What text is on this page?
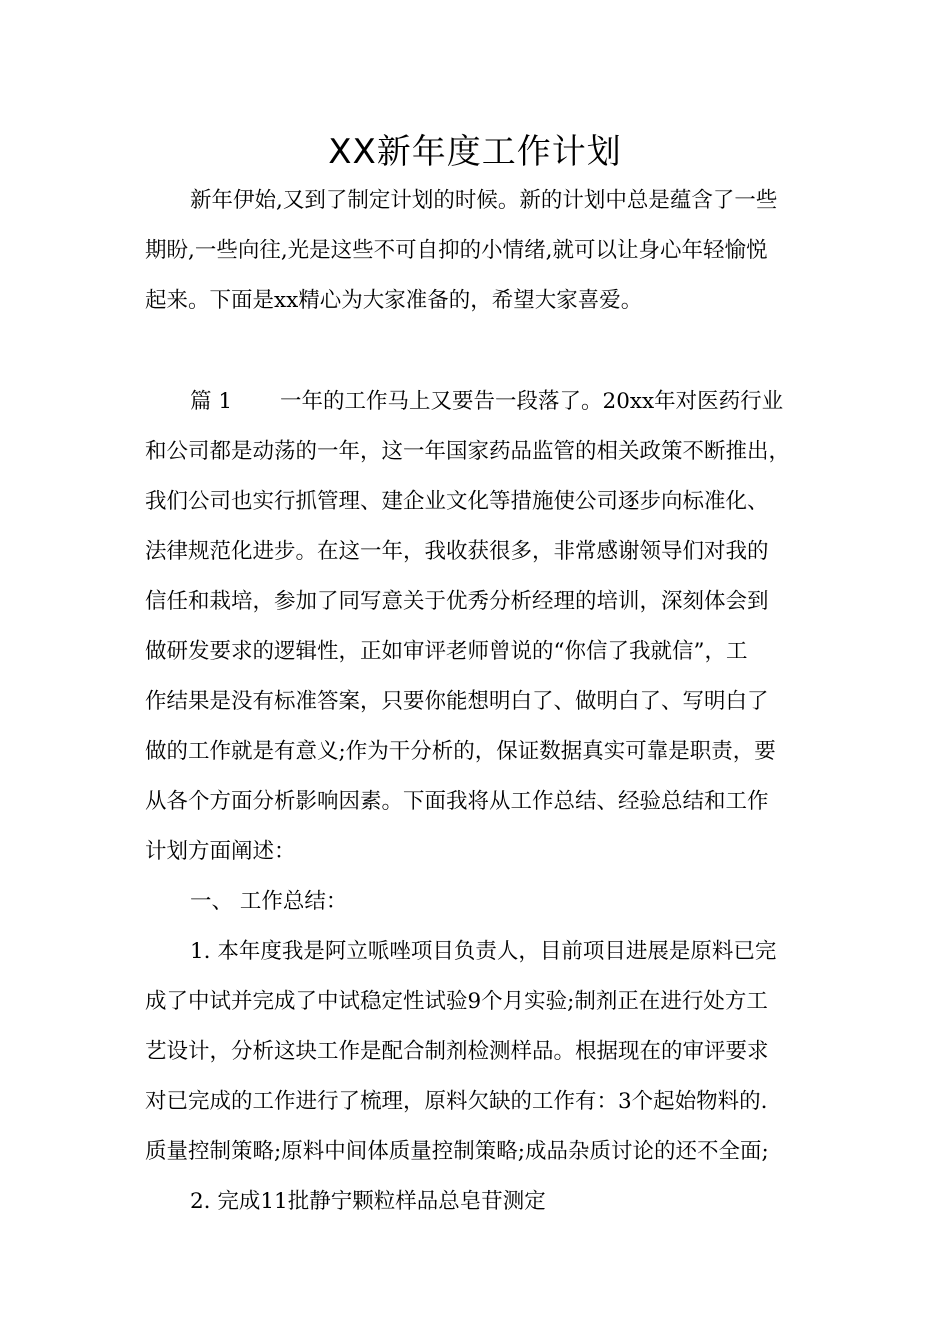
XX新年度工作计划
新年伊始,又到了制定计划的时候。新的计划中总是蕴含了一些
期盼,一些向往,光是这些不可自抑的小情绪,就可以让身心年轻愉悦
起来。下面是xx精心为大家准备的，希望大家喜爱。
篇 1 一年的工作马上又要告一段落了。20xx年对医药行业
和公司都是动荡的一年，这一年国家药品监管的相关政策不断推出，
我们公司也实行抓管理、建企业文化等措施使公司逐步向标准化、
法律规范化进步。在这一年，我收获很多，非常感谢领导们对我的
信任和栽培，参加了同写意关于优秀分析经理的培训，深刻体会到
做研发要求的逻辑性，正如审评老师曾说的“你信了我就信”，工
作结果是没有标准答案，只要你能想明白了、做明白了、写明白了
做的工作就是有意义;作为干分析的，保证数据真实可靠是职责，要
从各个方面分析影响因素。下面我将从工作总结、经验总结和工作
计划方面阐述：
一、 工作总结：
1. 本年度我是阿立哌唑项目负责人，目前项目进展是原料已完
成了中试并完成了中试稳定性试验9个月实验;制剂正在进行处方工
艺设计，分析这块工作是配合制剂检测样品。根据现在的审评要求
对已完成的工作进行了梳理，原料欠缺的工作有：3个起始物料的.
质量控制策略;原料中间体质量控制策略;成品杂质讨论的还不全面;
2. 完成11批静宁颗粒样品总皂苷测定
